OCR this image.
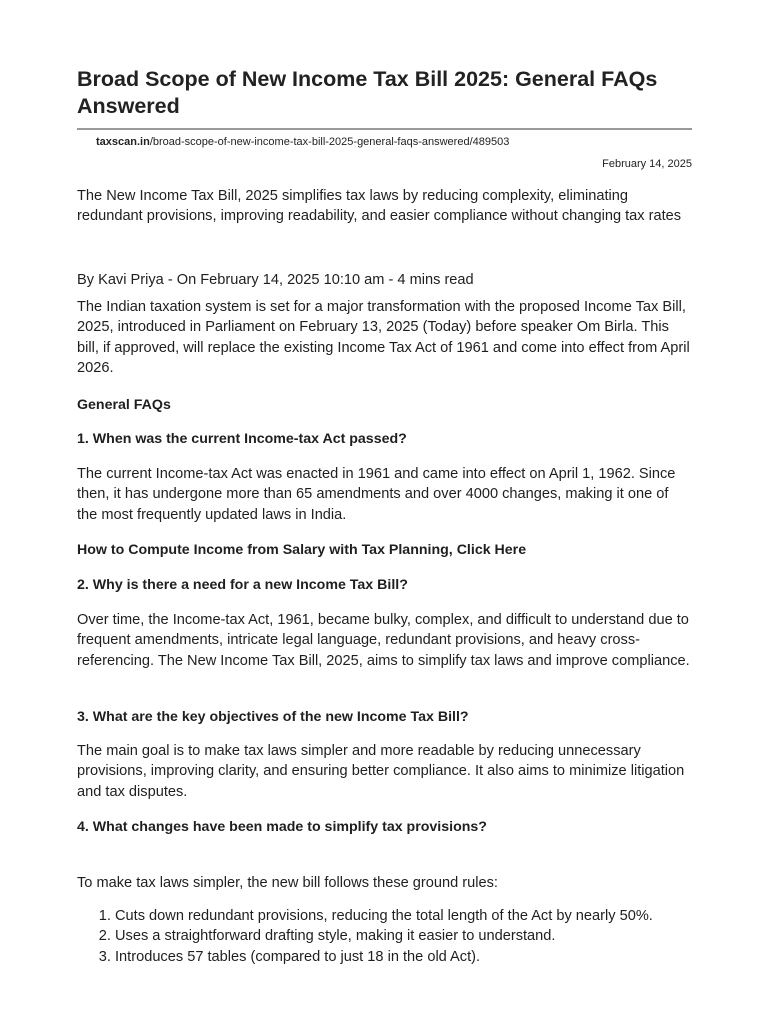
Broad Scope of New Income Tax Bill 2025: General FAQs Answered
taxscan.in/broad-scope-of-new-income-tax-bill-2025-general-faqs-answered/489503
February 14, 2025

The New Income Tax Bill, 2025 simplifies tax laws by reducing complexity, eliminating redundant provisions, improving readability, and easier compliance without changing tax rates

By Kavi Priya - On February 14, 2025 10:10 am - 4 mins read

The Indian taxation system is set for a major transformation with the proposed Income Tax Bill, 2025, introduced in Parliament on February 13, 2025 (Today) before speaker Om Birla. This bill, if approved, will replace the existing Income Tax Act of 1961 and come into effect from April 2026.

General FAQs

1. When was the current Income-tax Act passed?

The current Income-tax Act was enacted in 1961 and came into effect on April 1, 1962. Since then, it has undergone more than 65 amendments and over 4000 changes, making it one of the most frequently updated laws in India.

How to Compute Income from Salary with Tax Planning, Click Here

2. Why is there a need for a new Income Tax Bill?

Over time, the Income-tax Act, 1961, became bulky, complex, and difficult to understand due to frequent amendments, intricate legal language, redundant provisions, and heavy cross-referencing. The New Income Tax Bill, 2025, aims to simplify tax laws and improve compliance.

3. What are the key objectives of the new Income Tax Bill?

The main goal is to make tax laws simpler and more readable by reducing unnecessary provisions, improving clarity, and ensuring better compliance. It also aims to minimize litigation and tax disputes.

4. What changes have been made to simplify tax provisions?

To make tax laws simpler, the new bill follows these ground rules:

1. Cuts down redundant provisions, reducing the total length of the Act by nearly 50%.
2. Uses a straightforward drafting style, making it easier to understand.
3. Introduces 57 tables (compared to just 18 in the old Act).
